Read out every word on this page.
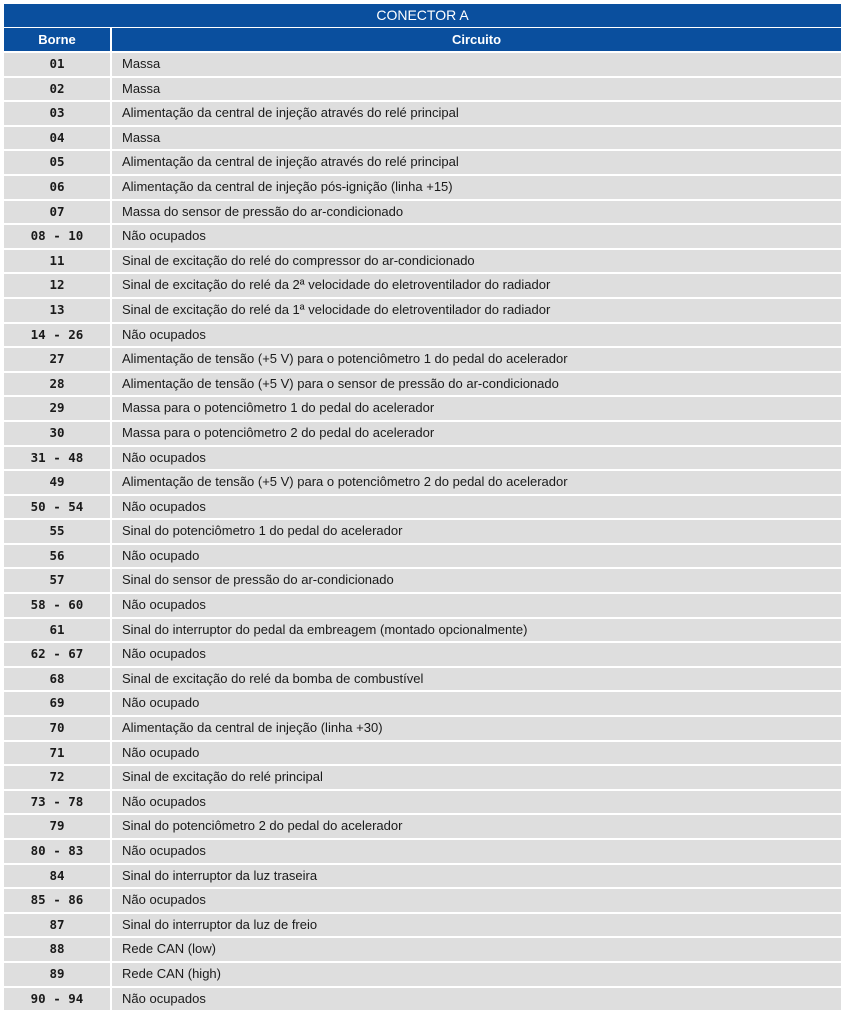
CONECTOR A
Borne	Circuito
01	Massa
02	Massa
03	Alimentação da central de injeção através do relé principal
04	Massa
05	Alimentação da central de injeção através do relé principal
06	Alimentação da central de injeção pós-ignição (linha +15)
07	Massa do sensor de pressão do ar-condicionado
08 - 10	Não ocupados
11	Sinal de excitação do relé do compressor do ar-condicionado
12	Sinal de excitação do relé da 2ª velocidade do eletroventilador do radiador
13	Sinal de excitação do relé da 1ª velocidade do eletroventilador do radiador
14 - 26	Não ocupados
27	Alimentação de tensão (+5 V) para o potenciômetro 1 do pedal do acelerador
28	Alimentação de tensão (+5 V) para o sensor de pressão do ar-condicionado
29	Massa para o potenciômetro 1 do pedal do acelerador
30	Massa para o potenciômetro 2 do pedal do acelerador
31 - 48	Não ocupados
49	Alimentação de tensão (+5 V) para o potenciômetro 2 do pedal do acelerador
50 - 54	Não ocupados
55	Sinal do potenciômetro 1 do pedal do acelerador
56	Não ocupado
57	Sinal do sensor de pressão do ar-condicionado
58 - 60	Não ocupados
61	Sinal do interruptor do pedal da embreagem (montado opcionalmente)
62 - 67	Não ocupados
68	Sinal de excitação do relé da bomba de combustível
69	Não ocupado
70	Alimentação da central de injeção (linha +30)
71	Não ocupado
72	Sinal de excitação do relé principal
73 - 78	Não ocupados
79	Sinal do potenciômetro 2 do pedal do acelerador
80 - 83	Não ocupados
84	Sinal do interruptor da luz traseira
85 - 86	Não ocupados
87	Sinal do interruptor da luz de freio
88	Rede CAN (low)
89	Rede CAN (high)
90 - 94	Não ocupados
